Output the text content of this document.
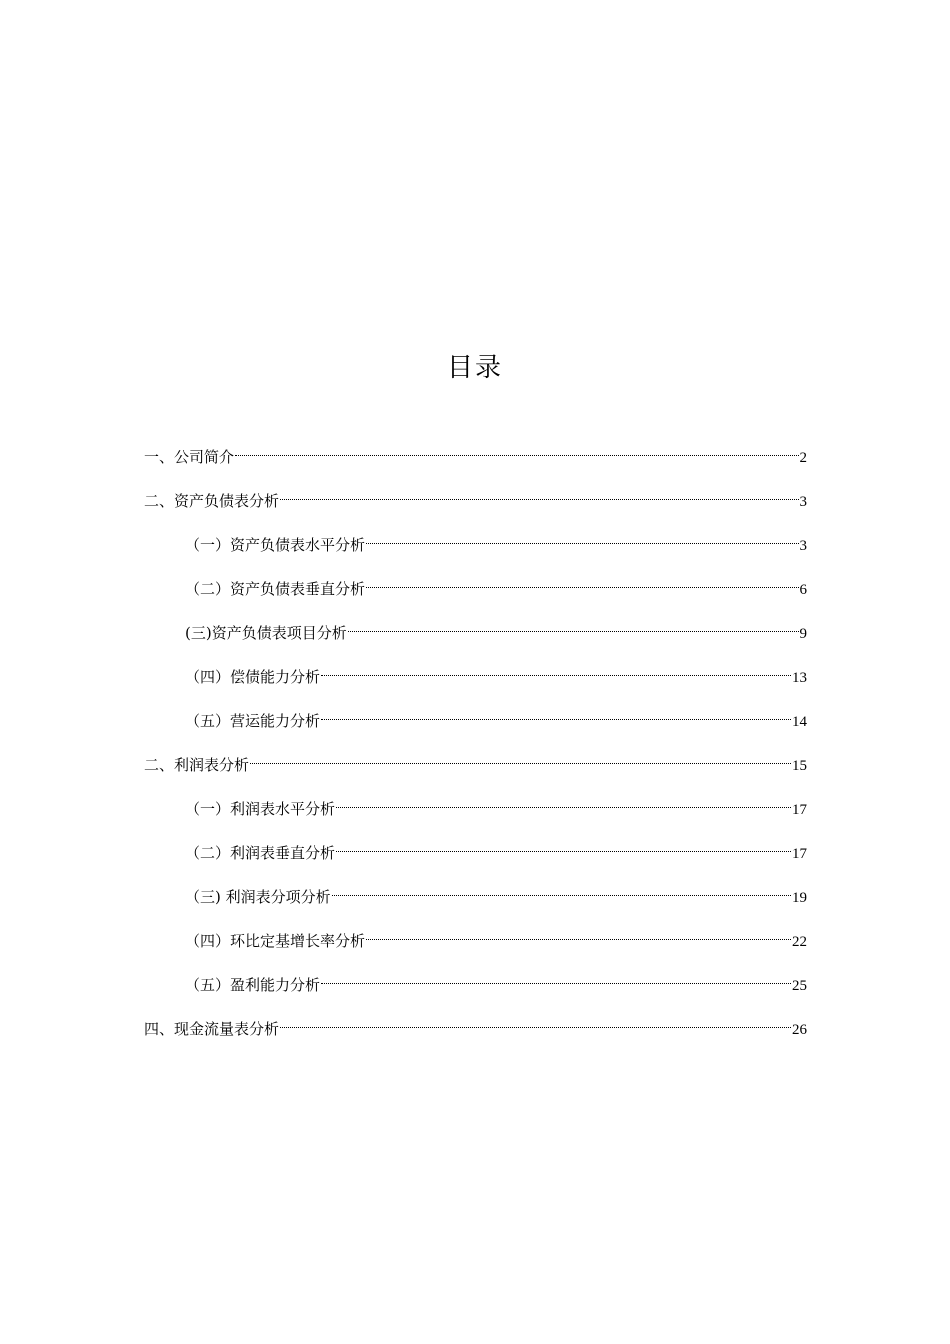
目录
一、公司简介	2
二、资产负债表分析	3
（一）资产负债表水平分析	3
（二）资产负债表垂直分析	6
(三)资产负债表项目分析	9
（四）偿债能力分析	13
（五）营运能力分析	14
二、利润表分析	15
（一）利润表水平分析	17
（二）利润表垂直分析	17
（三) 利润表分项分析	19
（四）环比定基增长率分析	22
（五）盈利能力分析	25
四、现金流量表分析	26
